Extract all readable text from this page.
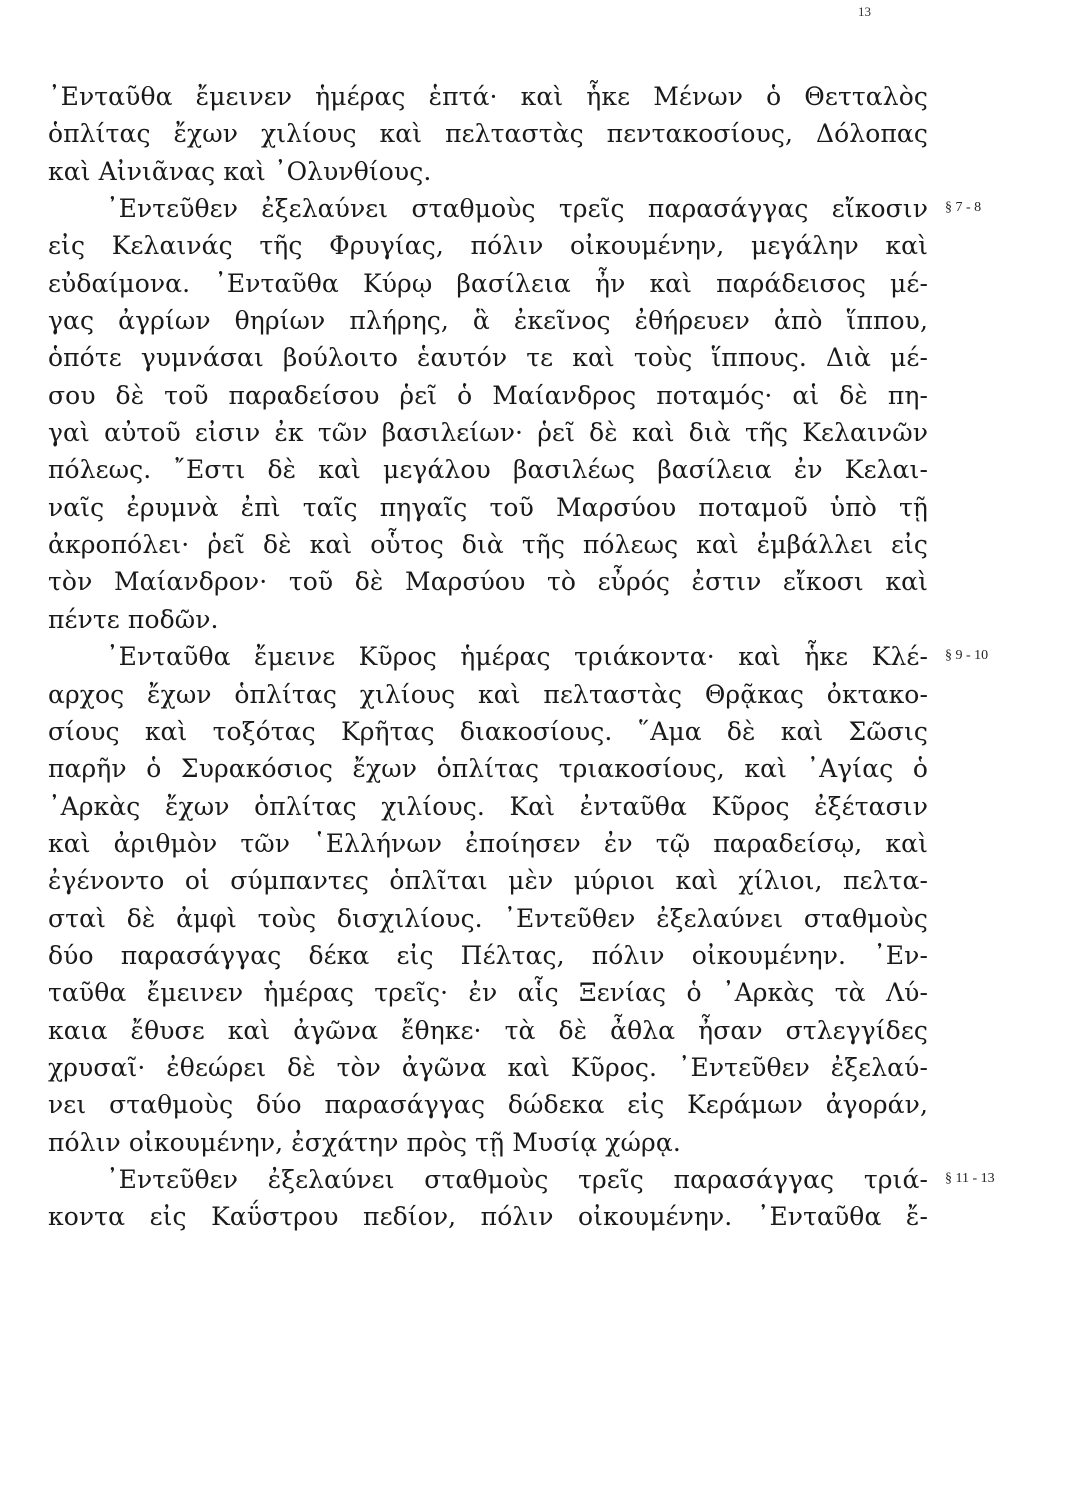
13
᾿Ενταῦθα ἔμεινεν ἡμέρας ἑπτά· καὶ ἧκε Μένων ὁ Θετταλὸς
ὁπλίτας ἔχων χιλίους καὶ πελταστὰς πεντακοσίους, Δόλοπας
καὶ Αἰνιᾶνας καὶ ᾿Ολυνθίους.
᾿Εντεῦθεν ἐξελαύνει σταθμοὺς τρεῖς παρασάγγας εἴκοσιν
εἰς Κελαινάς τῆς Φρυγίας, πόλιν οἰκουμένην, μεγάλην καὶ
εὐδαίμονα. ᾿Ενταῦθα Κύρῳ βασίλεια ἦν καὶ παράδεισος μέ-
γας ἀγρίων θηρίων πλήρης, ἃ ἐκεῖνος ἐθήρευεν ἀπὸ ἵππου,
ὁπότε γυμνάσαι βούλοιτο ἑαυτόν τε καὶ τοὺς ἵππους. Διὰ μέ-
σου δὲ τοῦ παραδείσου ῥεῖ ὁ Μαίανδρος ποταμός· αἱ δὲ πη-
γαὶ αὐτοῦ εἰσιν ἐκ τῶν βασιλείων· ῥεῖ δὲ καὶ διὰ τῆς Κελαινῶν
πόλεως. ῎Εστι δὲ καὶ μεγάλου βασιλέως βασίλεια ἐν Κελαι-
ναῖς ἐρυμνὰ ἐπὶ ταῖς πηγαῖς τοῦ Μαρσύου ποταμοῦ ὑπὸ τῇ
ἀκροπόλει· ῥεῖ δὲ καὶ οὗτος διὰ τῆς πόλεως καὶ ἐμβάλλει εἰς
τὸν Μαίανδρον· τοῦ δὲ Μαρσύου τὸ εὖρός ἐστιν εἴκοσι καὶ
πέντε ποδῶν.
᾿Ενταῦθα ἔμεινε Κῦρος ἡμέρας τριάκοντα· καὶ ἧκε Κλέ-
αρχος ἔχων ὁπλίτας χιλίους καὶ πελταστὰς Θρᾷκας ὀκτακο-
σίους καὶ τοξότας Κρῆτας διακοσίους. ῞Αμα δὲ καὶ Σῶσις
παρῆν ὁ Συρακόσιος ἔχων ὁπλίτας τριακοσίους, καὶ ᾿Αγίας ὁ
᾿Αρκὰς ἔχων ὁπλίτας χιλίους. Καὶ ἐνταῦθα Κῦρος ἐξέτασιν
καὶ ἀριθμὸν τῶν ῾Ελλήνων ἐποίησεν ἐν τῷ παραδείσῳ, καὶ
ἐγένοντο οἱ σύμπαντες ὁπλῖται μὲν μύριοι καὶ χίλιοι, πελτα-
σταὶ δὲ ἀμφὶ τοὺς δισχιλίους. ᾿Εντεῦθεν ἐξελαύνει σταθμοὺς
δύο παρασάγγας δέκα εἰς Πέλτας, πόλιν οἰκουμένην. ᾿Εν-
ταῦθα ἔμεινεν ἡμέρας τρεῖς· ἐν αἷς Ξενίας ὁ ᾿Αρκὰς τὰ Λύ-
καια ἔθυσε καὶ ἀγῶνα ἔθηκε· τὰ δὲ ἆθλα ἦσαν στλεγγίδες
χρυσαῖ· ἐθεώρει δὲ τὸν ἀγῶνα καὶ Κῦρος. ᾿Εντεῦθεν ἐξελαύ-
νει σταθμοὺς δύο παρασάγγας δώδεκα εἰς Κεράμων ἀγοράν,
πόλιν οἰκουμένην, ἐσχάτην πρὸς τῇ Μυσίᾳ χώρᾳ.
᾿Εντεῦθεν ἐξελαύνει σταθμοὺς τρεῖς παρασάγγας τριά-
κοντα εἰς Καΰστρου πεδίον, πόλιν οἰκουμένην. ᾿Ενταῦθα ἔ-
§ 7 - 8
§ 9 - 10
§ 11 - 13
